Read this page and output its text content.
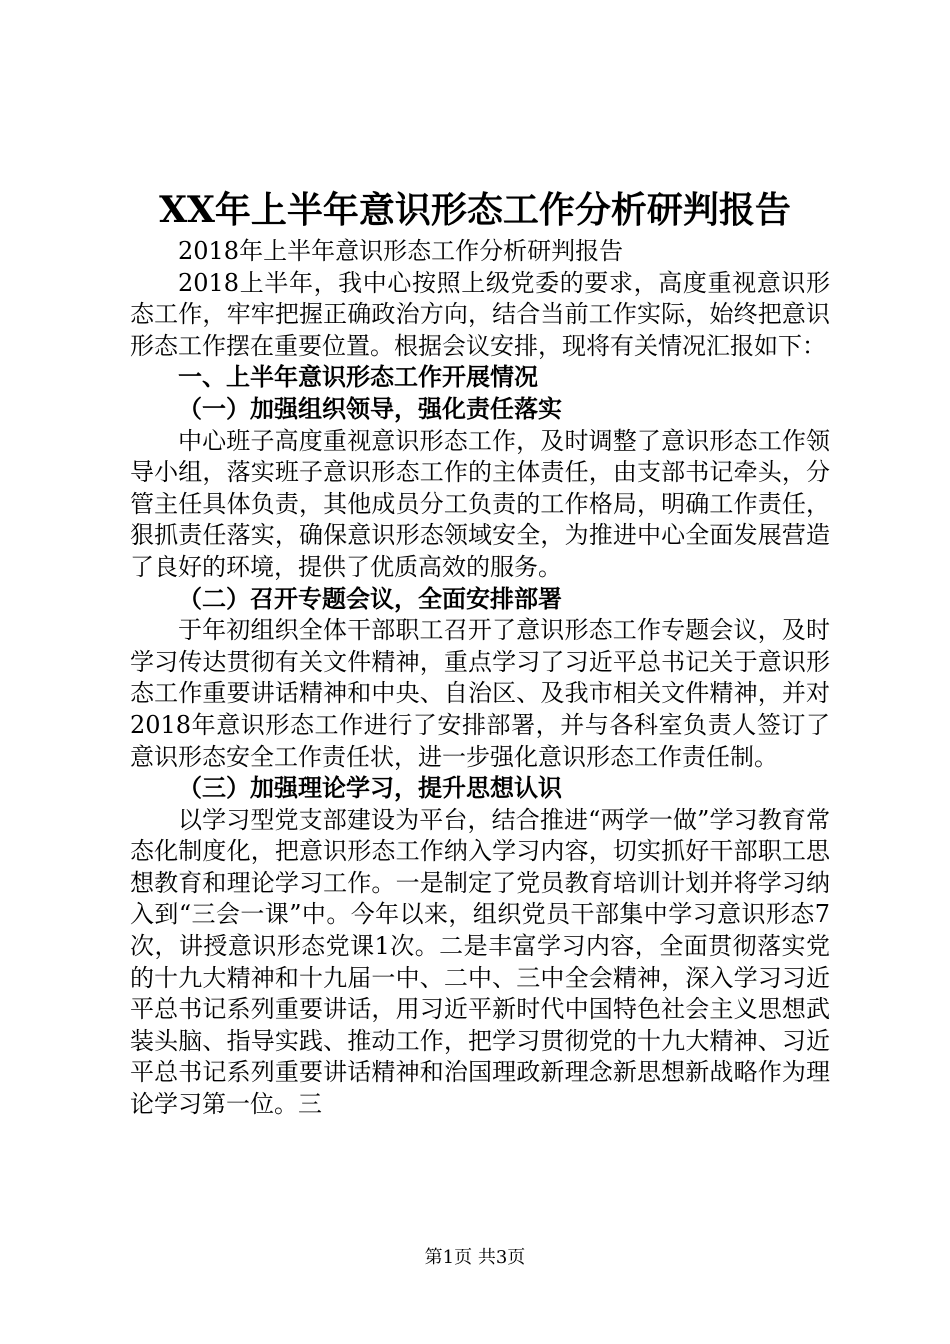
XX年上半年意识形态工作分析研判报告

2018年上半年意识形态工作分析研判报告

2018上半年，我中心按照上级党委的要求，高度重视意识形态工作，牢牢把握正确政治方向，结合当前工作实际，始终把意识形态工作摆在重要位置。根据会议安排，现将有关情况汇报如下：

一、上半年意识形态工作开展情况

（一）加强组织领导，强化责任落实

中心班子高度重视意识形态工作，及时调整了意识形态工作领导小组，落实班子意识形态工作的主体责任，由支部书记牵头，分管主任具体负责，其他成员分工负责的工作格局，明确工作责任，狠抓责任落实，确保意识形态领域安全，为推进中心全面发展营造了良好的环境，提供了优质高效的服务。

（二）召开专题会议，全面安排部署

于年初组织全体干部职工召开了意识形态工作专题会议，及时学习传达贯彻有关文件精神，重点学习了习近平总书记关于意识形态工作重要讲话精神和中央、自治区、及我市相关文件精神，并对2018年意识形态工作进行了安排部署，并与各科室负责人签订了意识形态安全工作责任状，进一步强化意识形态工作责任制。

（三）加强理论学习，提升思想认识

以学习型党支部建设为平台，结合推进“两学一做”学习教育常态化制度化，把意识形态工作纳入学习内容，切实抓好干部职工思想教育和理论学习工作。一是制定了党员教育培训计划并将学习纳入到“三会一课”中。今年以来，组织党员干部集中学习意识形态7次，讲授意识形态党课1次。二是丰富学习内容，全面贯彻落实党的十九大精神和十九届一中、二中、三中全会精神，深入学习习近平总书记系列重要讲话，用习近平新时代中国特色社会主义思想武装头脑、指导实践、推动工作，把学习贯彻党的十九大精神、习近平总书记系列重要讲话精神和治国理政新理念新思想新战略作为理论学习第一位。三

第1页 共3页
